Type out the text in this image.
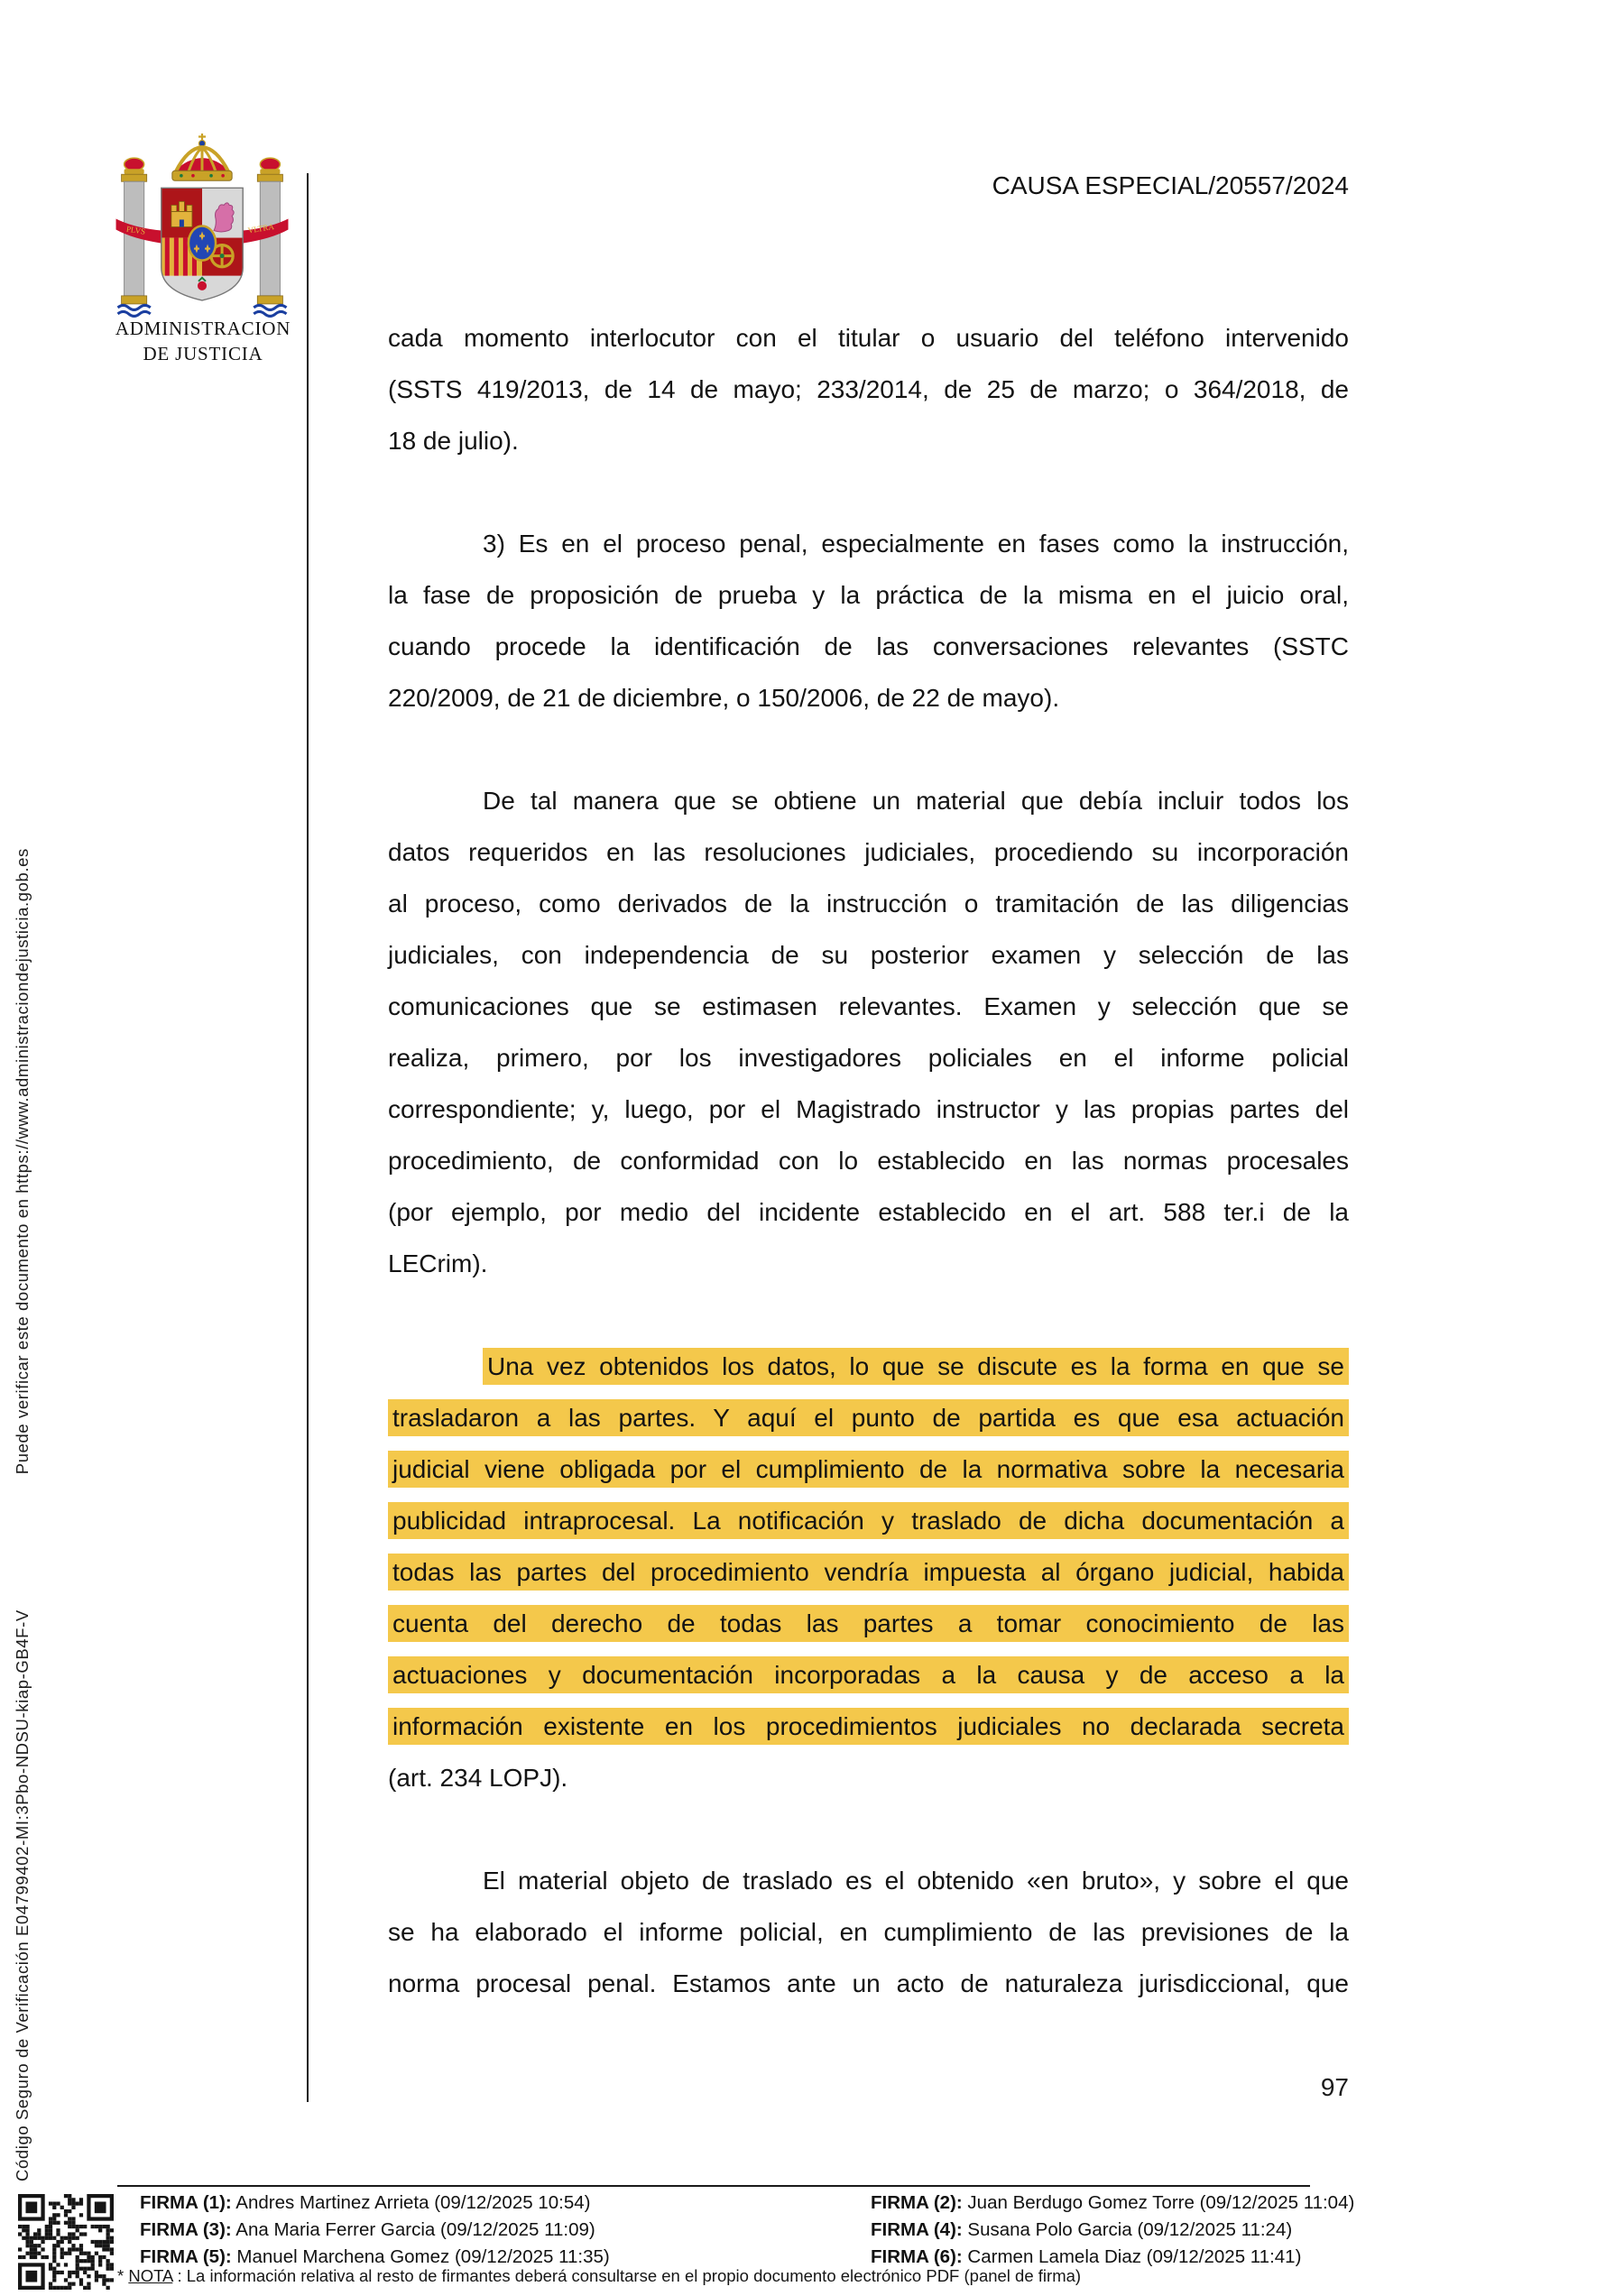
Código Seguro de Verificación E04799402-MI:3Pbo-NDSU-kiap-GB4F-V
Puede verificar este documento en https://www.administraciondejusticia.gob.es
PLVS	VLTRA
ADMINISTRACION
DE JUSTICIA
CAUSA ESPECIAL/20557/2024
cada momento interlocutor con el titular o usuario del teléfono intervenido
(SSTS 419/2013, de 14 de mayo; 233/2014, de 25 de marzo; o 364/2018, de
18 de julio).
3) Es en el proceso penal, especialmente en fases como la instrucción,
la fase de proposición de prueba y la práctica de la misma en el juicio oral,
cuando procede la identificación de las conversaciones relevantes (SSTC
220/2009, de 21 de diciembre, o 150/2006, de 22 de mayo).
De tal manera que se obtiene un material que debía incluir todos los
datos requeridos en las resoluciones judiciales, procediendo su incorporación
al proceso, como derivados de la instrucción o tramitación de las diligencias
judiciales, con independencia de su posterior examen y selección de las
comunicaciones que se estimasen relevantes. Examen y selección que se
realiza, primero, por los investigadores policiales en el informe policial
correspondiente; y, luego, por el Magistrado instructor y las propias partes del
procedimiento, de conformidad con lo establecido en las normas procesales
(por ejemplo, por medio del incidente establecido en el art. 588 ter.i de la
LECrim).
Una vez obtenidos los datos, lo que se discute es la forma en que se
trasladaron a las partes. Y aquí el punto de partida es que esa actuación
judicial viene obligada por el cumplimiento de la normativa sobre la necesaria
publicidad intraprocesal. La notificación y traslado de dicha documentación a
todas las partes del procedimiento vendría impuesta al órgano judicial, habida
cuenta del derecho de todas las partes a tomar conocimiento de las
actuaciones y documentación incorporadas a la causa y de acceso a la
información existente en los procedimientos judiciales no declarada secreta
(art. 234 LOPJ).
El material objeto de traslado es el obtenido «en bruto», y sobre el que
se ha elaborado el informe policial, en cumplimiento de las previsiones de la
norma procesal penal. Estamos ante un acto de naturaleza jurisdiccional, que
97
FIRMA (1): Andres Martinez Arrieta (09/12/2025 10:54)	FIRMA (2): Juan Berdugo Gomez Torre (09/12/2025 11:04)
FIRMA (3): Ana Maria Ferrer Garcia (09/12/2025 11:09)	FIRMA (4): Susana Polo Garcia (09/12/2025 11:24)
FIRMA (5): Manuel Marchena Gomez (09/12/2025 11:35)	FIRMA (6): Carmen Lamela Diaz (09/12/2025 11:41)
* NOTA : La información relativa al resto de firmantes deberá consultarse en el propio documento electrónico PDF (panel de firma)
